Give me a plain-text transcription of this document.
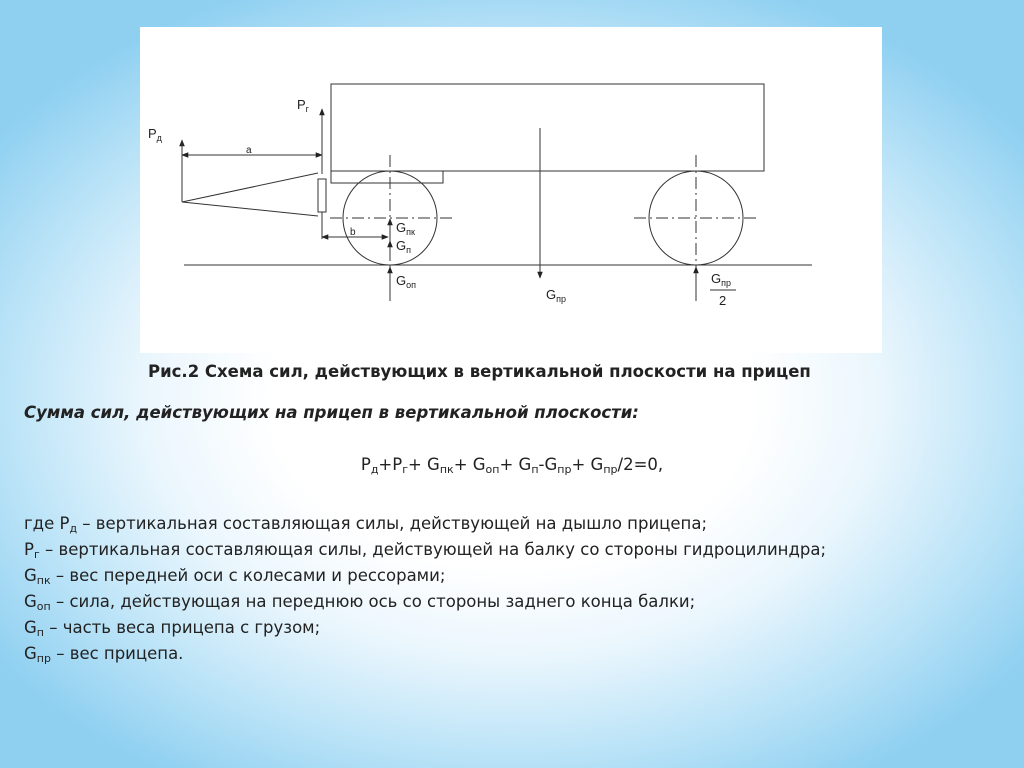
$Р_д$
$Р_г$
a
b	$G_{пк}$
$G_п$
$G_{оп}$
$G_{пр}$
$G_{пр}$
2
Рис.2 Схема сил, действующих в вертикальной плоскости на прицеп
Сумма сил, действующих на прицеп в вертикальной плоскости:
$Р_д+Р_г+ G_{пк}+ G_{оп}+ G_п-G_{пр}+ G_{пр}/2=0$,
где $Р_д$ – вертикальная составляющая силы, действующей на дышло прицепа;
$Р_г$ – вертикальная составляющая силы, действующей на балку со стороны гидроцилиндра;
$G_{пк}$ – вес передней оси с колесами и рессорами;
$G_{оп}$ – сила, действующая на переднюю ось со стороны заднего конца балки;
$G_п$ – часть веса прицепа с грузом;
$G_{пр}$ – вес прицепа.
